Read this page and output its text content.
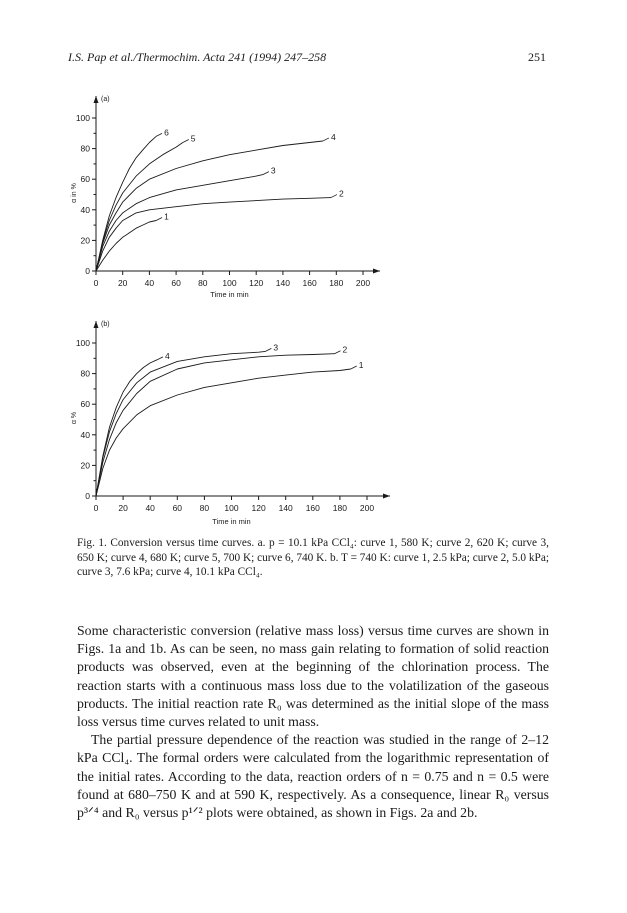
I.S. Pap et al./Thermochim. Acta 241 (1994) 247–258	251
(a)
0 20 40 60 80 100 120 140 160 180 200
0
20
40
60
80
100
Time in min
α in %
1
2
3
4
5
6
(b)
0 20 40 60 80 100 120 140 160 180 200
0
20
40
60
80
100
Time in min
α %
1
2
3
4
Fig. 1. Conversion versus time curves. a. p = 10.1 kPa CCl₄: curve 1, 580 K; curve 2, 620 K; curve 3, 650 K; curve 4, 680 K; curve 5, 700 K; curve 6, 740 K. b. T = 740 K: curve 1, 2.5 kPa; curve 2, 5.0 kPa; curve 3, 7.6 kPa; curve 4, 10.1 kPa CCl₄.

Some characteristic conversion (relative mass loss) versus time curves are shown in Figs. 1a and 1b. As can be seen, no mass gain relating to formation of solid reaction products was observed, even at the beginning of the chlorination process. The reaction starts with a continuous mass loss due to the volatilization of the gaseous products. The initial reaction rate R₀ was determined as the initial slope of the mass loss versus time curves related to unit mass.

The partial pressure dependence of the reaction was studied in the range of 2–12 kPa CCl₄. The formal orders were calculated from the logarithmic representation of the initial rates. According to the data, reaction orders of n = 0.75 and n = 0.5 were found at 680–750 K and at 590 K, respectively. As a consequence, linear R₀ versus p³ᐟ⁴ and R₀ versus p¹ᐟ² plots were obtained, as shown in Figs. 2a and 2b.
